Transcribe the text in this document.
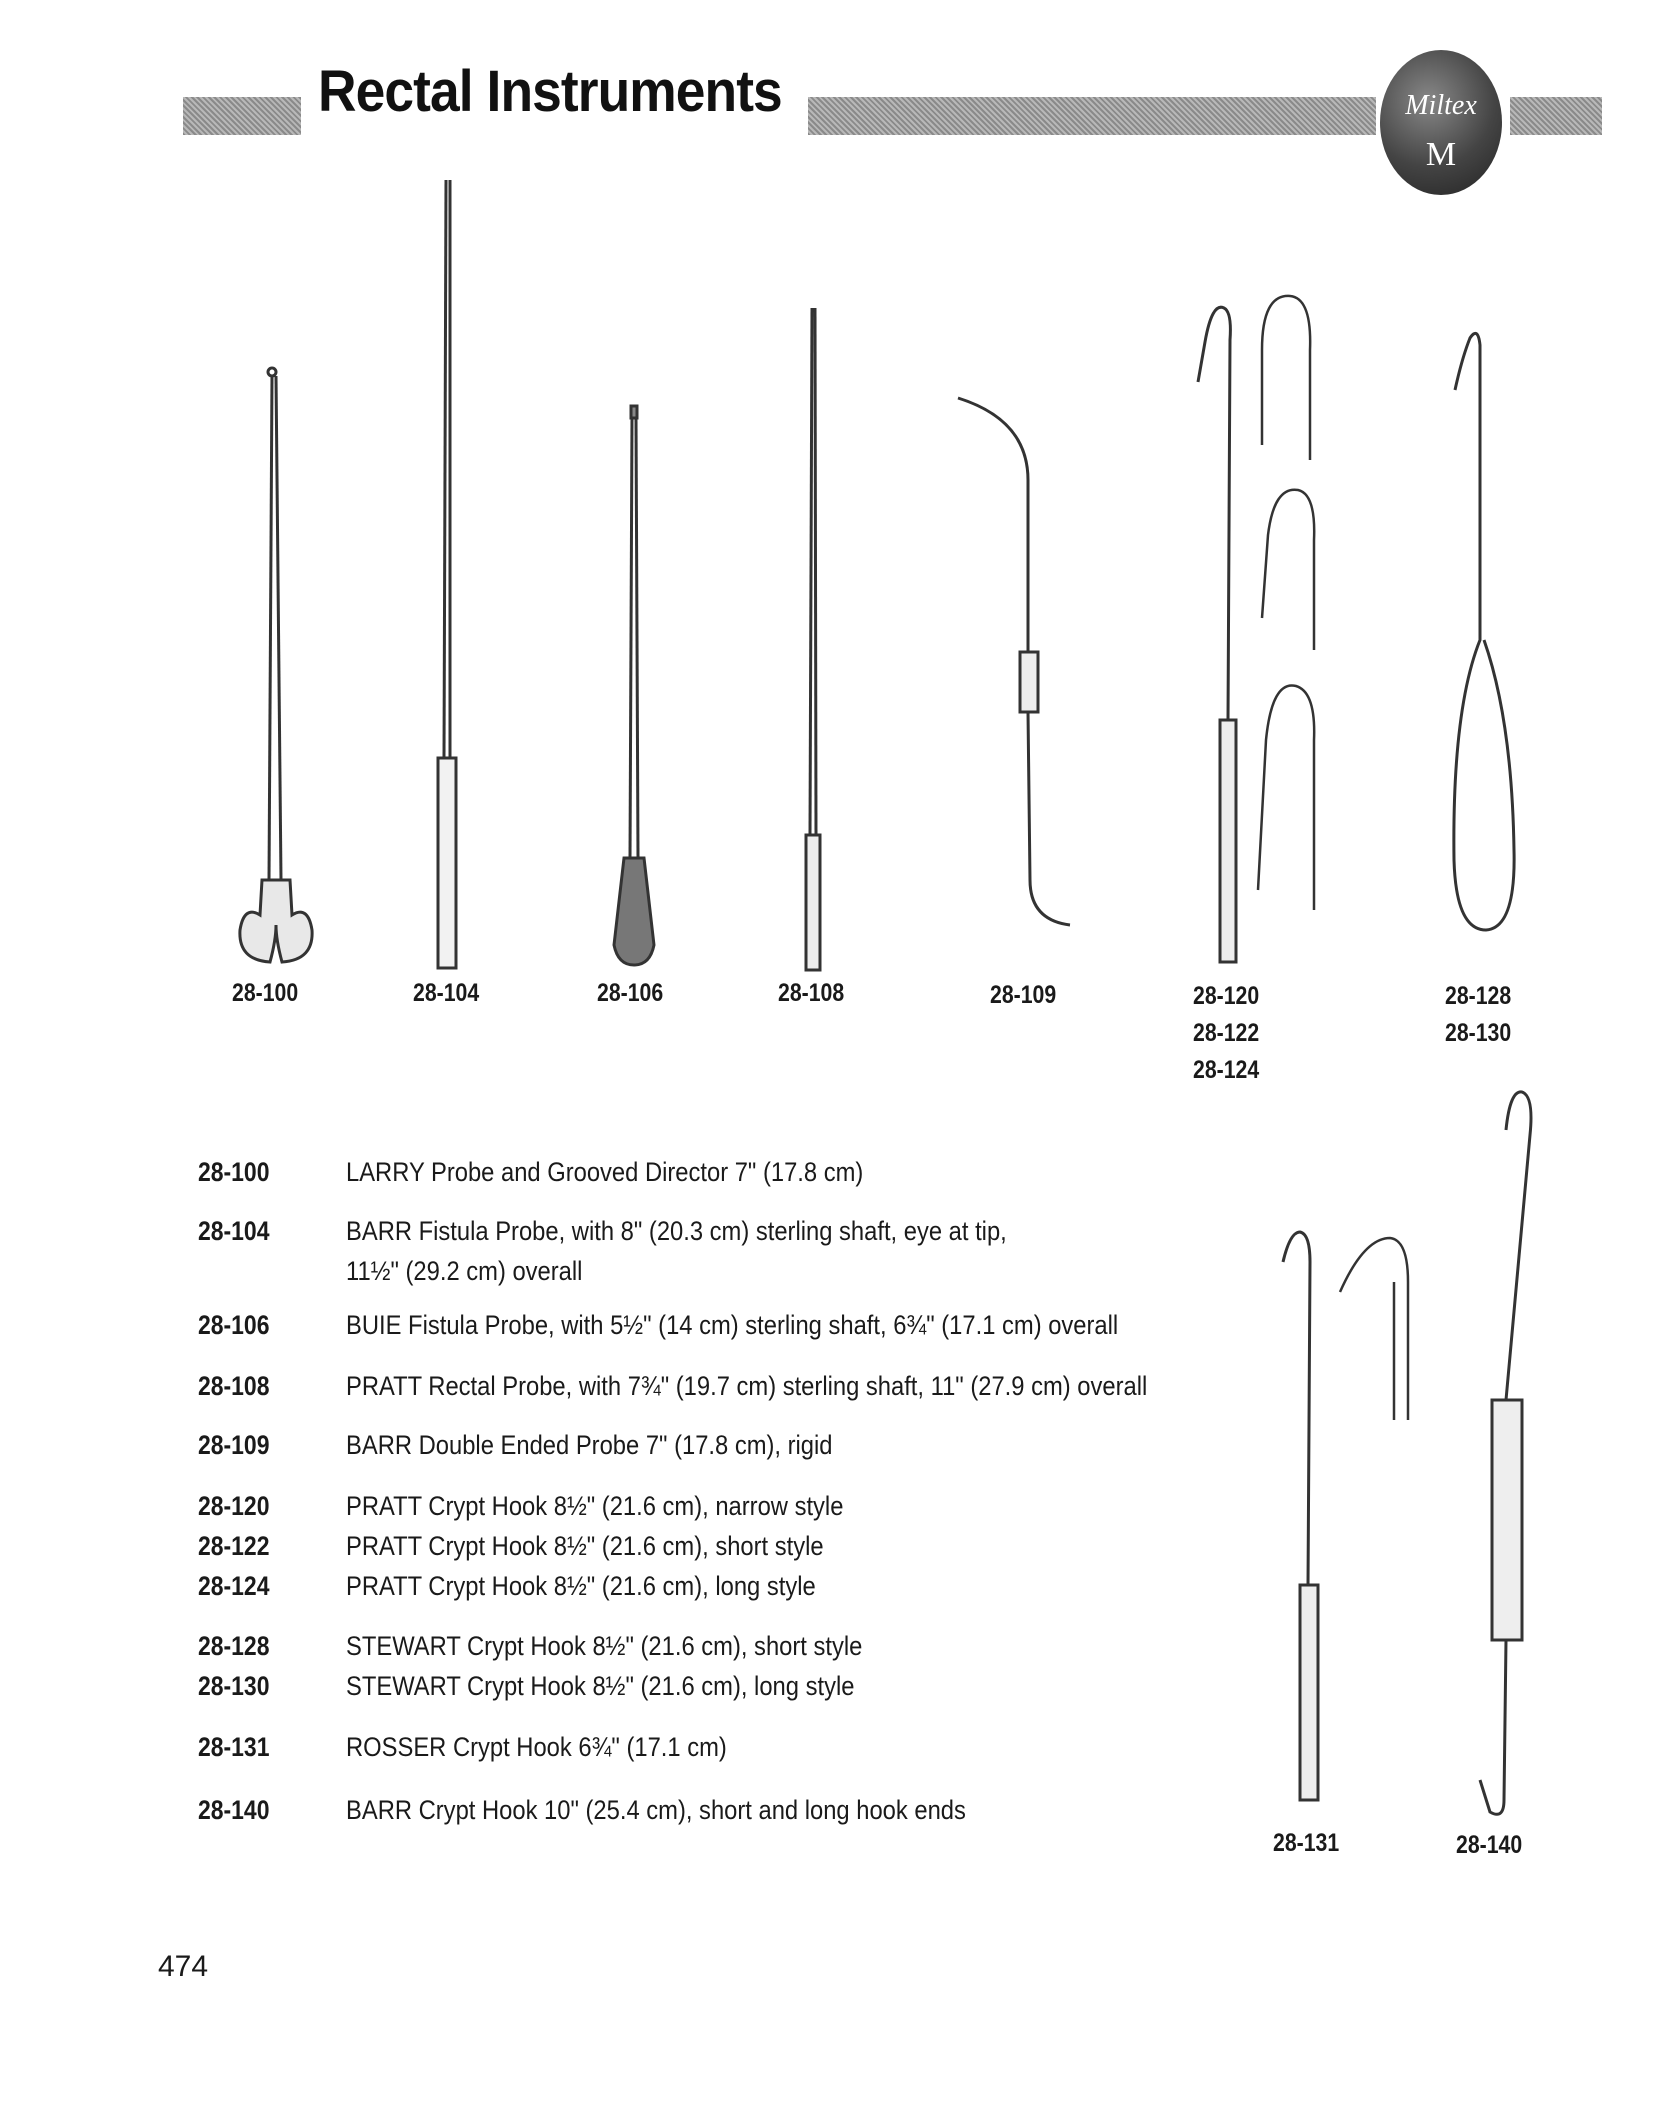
Rectal Instruments	Miltex
M
28-100	28-104	28-106	28-108	28-109	28-120
28-122
28-124
28-128
28-130
28-131	28-140
28-100	LARRY Probe and Grooved Director 7" (17.8 cm)
28-104	BARR Fistula Probe, with 8" (20.3 cm) sterling shaft, eye at tip,
11½" (29.2 cm) overall
28-106	BUIE Fistula Probe, with 5½" (14 cm) sterling shaft, 6¾" (17.1 cm) overall
28-108	PRATT Rectal Probe, with 7¾" (19.7 cm) sterling shaft, 11" (27.9 cm) overall
28-109	BARR Double Ended Probe 7" (17.8 cm), rigid
28-120	PRATT Crypt Hook 8½" (21.6 cm), narrow style
28-122	PRATT Crypt Hook 8½" (21.6 cm), short style
28-124	PRATT Crypt Hook 8½" (21.6 cm), long style
28-128	STEWART Crypt Hook 8½" (21.6 cm), short style
28-130	STEWART Crypt Hook 8½" (21.6 cm), long style
28-131	ROSSER Crypt Hook 6¾" (17.1 cm)
28-140	BARR Crypt Hook 10" (25.4 cm), short and long hook ends
474
